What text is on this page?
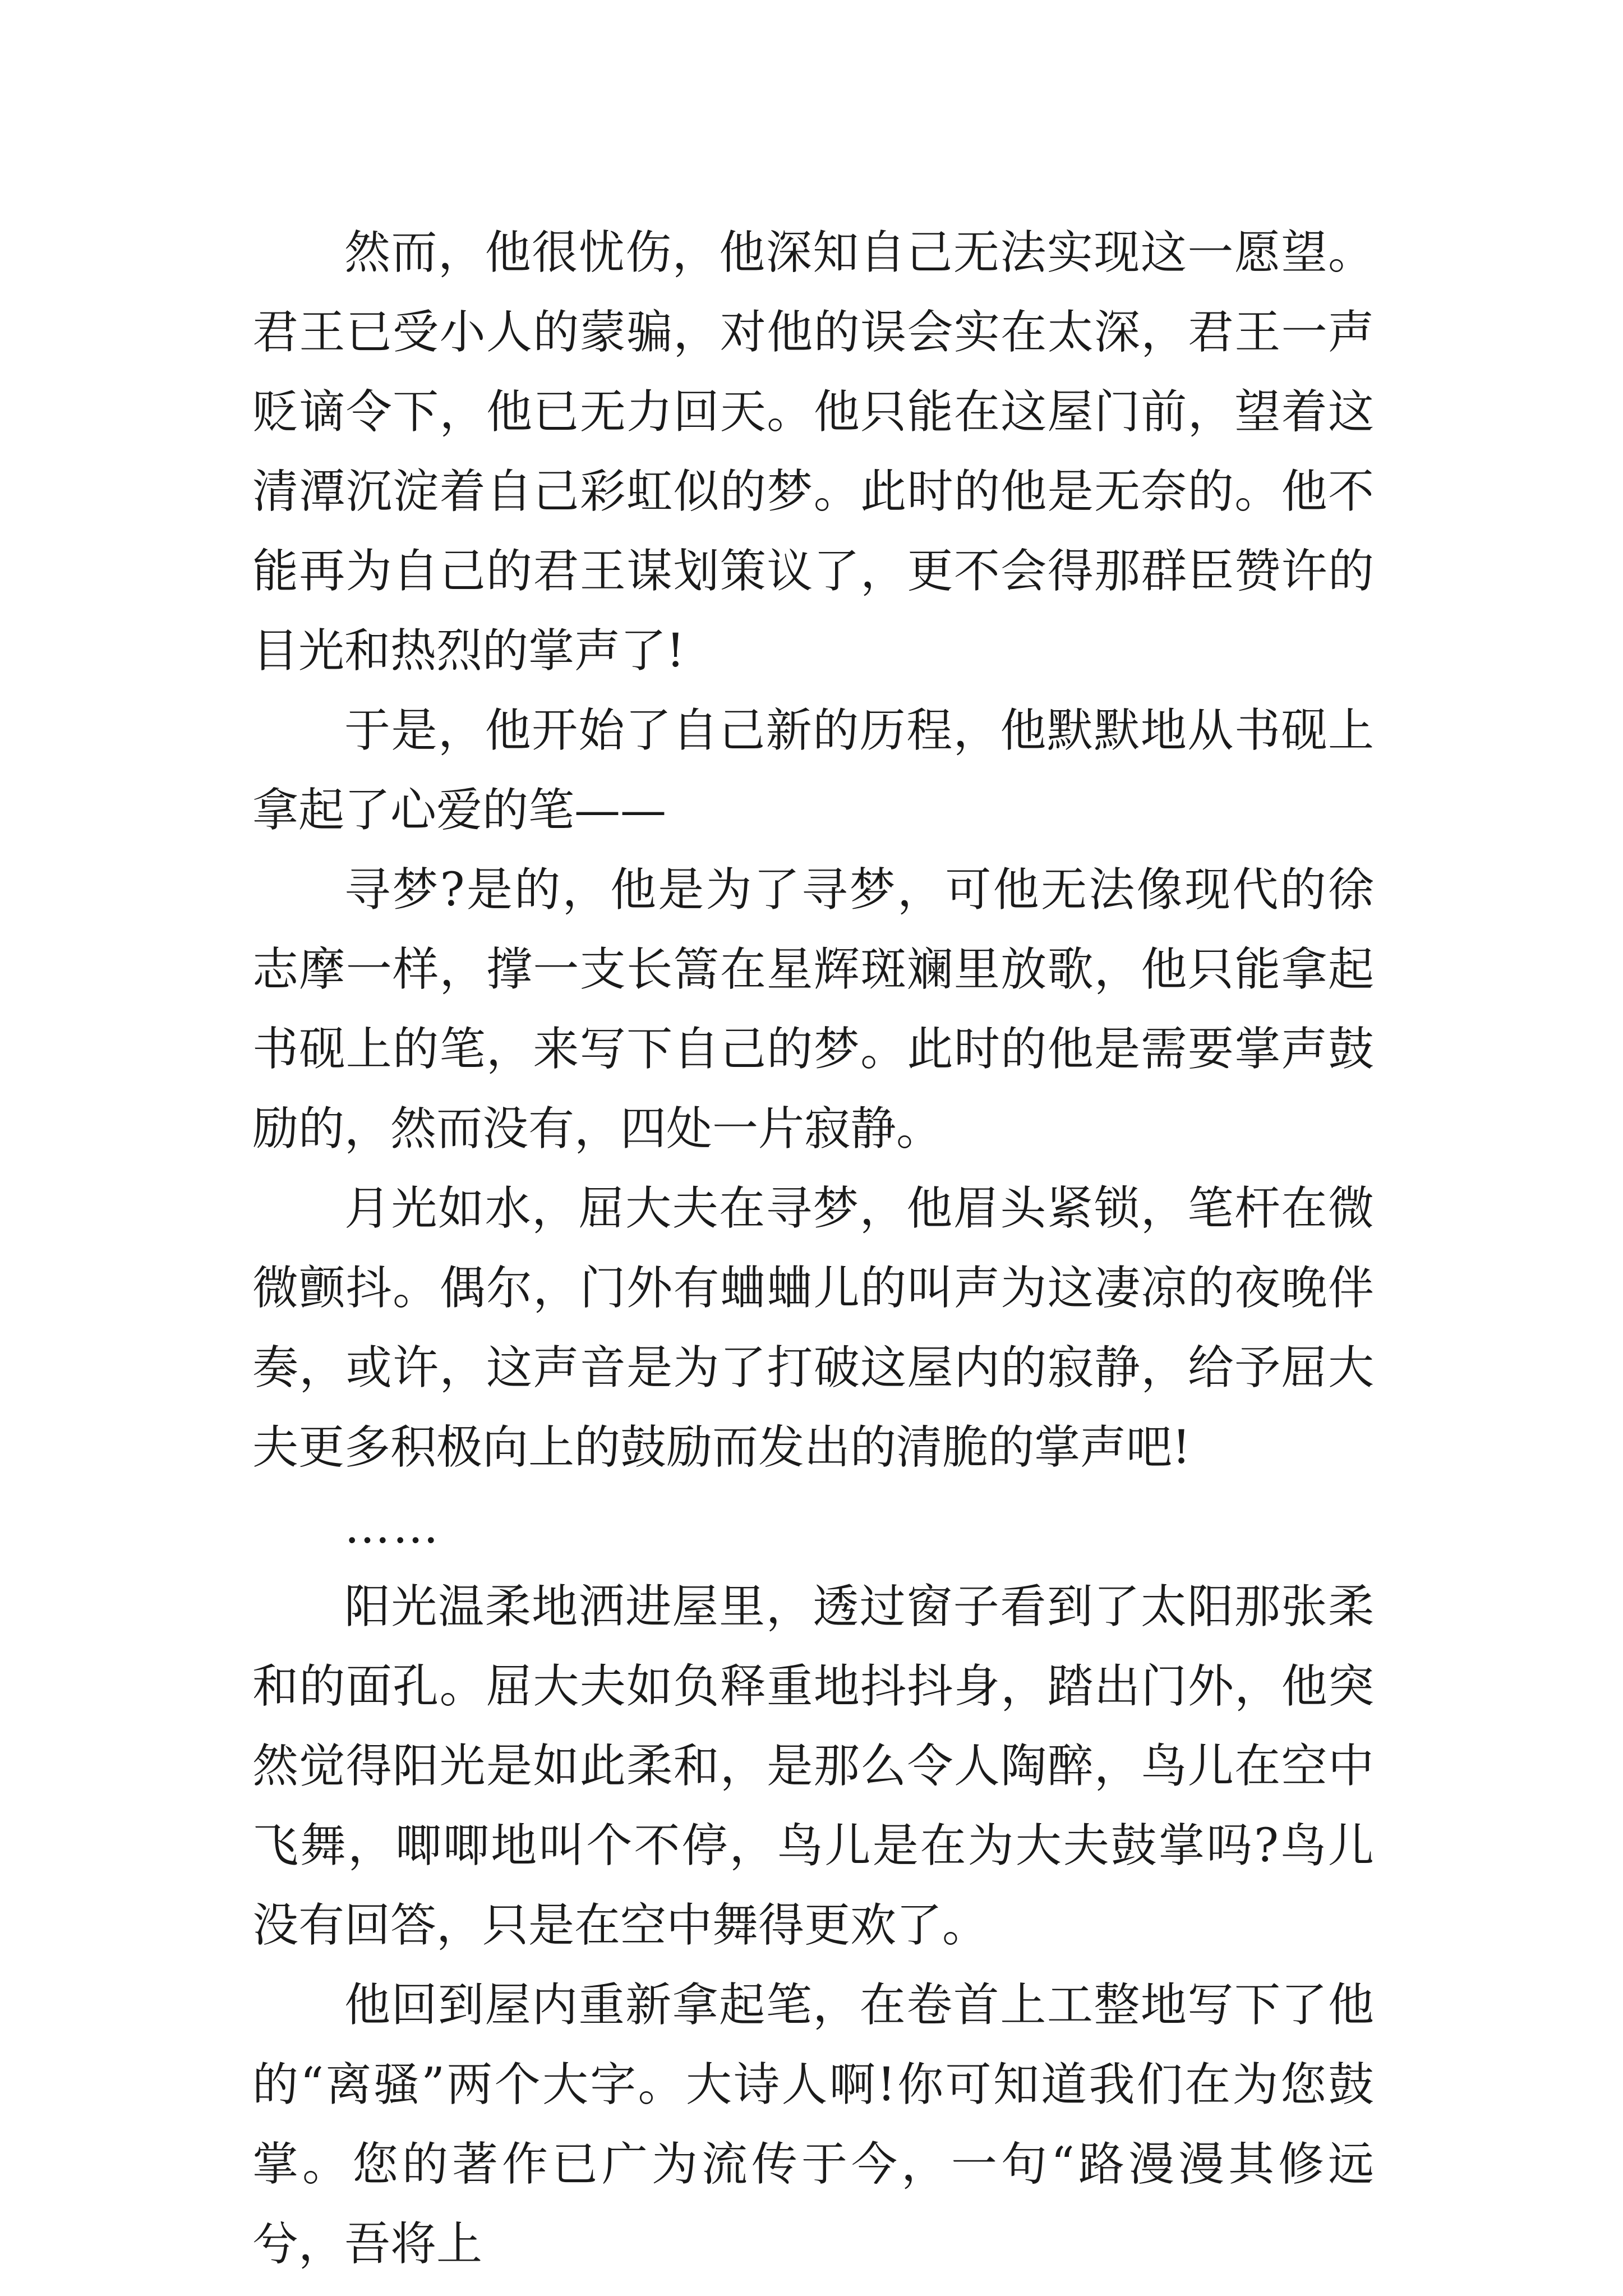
然而，他很忧伤，他深知自己无法实现这一愿望。君王已受小人的蒙骗，对他的误会实在太深，君王一声贬谪令下，他已无力回天。他只能在这屋门前，望着这清潭沉淀着自己彩虹似的梦。此时的他是无奈的。他不能再为自己的君王谋划策议了，更不会得那群臣赞许的目光和热烈的掌声了!

于是，他开始了自己新的历程，他默默地从书砚上拿起了心爱的笔——

寻梦?是的，他是为了寻梦，可他无法像现代的徐志摩一样，撑一支长篙在星辉斑斓里放歌，他只能拿起书砚上的笔，来写下自己的梦。此时的他是需要掌声鼓励的，然而没有，四处一片寂静。

月光如水，屈大夫在寻梦，他眉头紧锁，笔杆在微微颤抖。偶尔，门外有蛐蛐儿的叫声为这凄凉的夜晚伴奏，或许，这声音是为了打破这屋内的寂静，给予屈大夫更多积极向上的鼓励而发出的清脆的掌声吧!

……

阳光温柔地洒进屋里，透过窗子看到了太阳那张柔和的面孔。屈大夫如负释重地抖抖身，踏出门外，他突然觉得阳光是如此柔和，是那么令人陶醉，鸟儿在空中飞舞，唧唧地叫个不停，鸟儿是在为大夫鼓掌吗?鸟儿没有回答，只是在空中舞得更欢了。

他回到屋内重新拿起笔，在卷首上工整地写下了他的“离骚”两个大字。大诗人啊!你可知道我们在为您鼓掌。您的著作已广为流传于今，一句“路漫漫其修远兮，吾将上
